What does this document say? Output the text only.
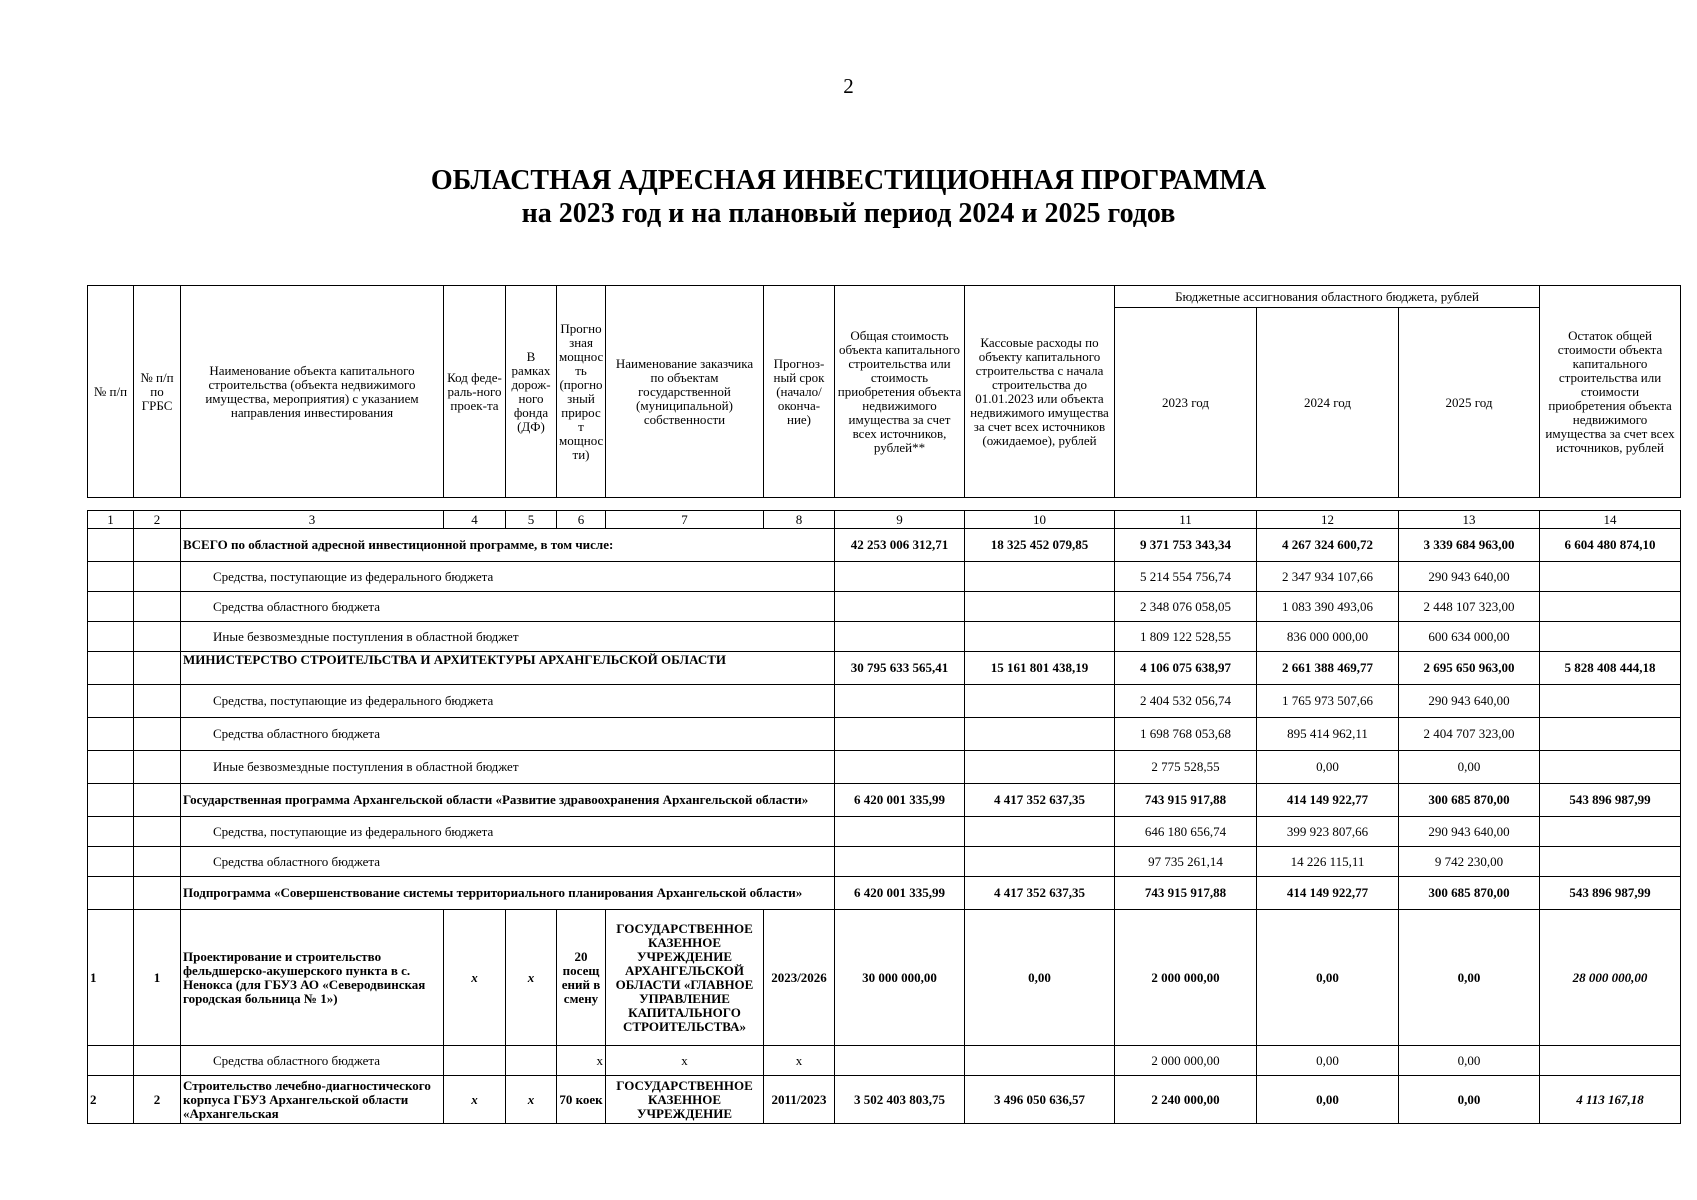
2
ОБЛАСТНАЯ АДРЕСНАЯ ИНВЕСТИЦИОННАЯ ПРОГРАММА
на 2023 год и на плановый период 2024 и 2025 годов
№ п/п	№ п/п по ГРБС	Наименование объекта капитального строительства (объекта недвижимого имущества, мероприятия) с указанием направления инвестирования	Код феде-раль-ного проек-та	В рамках дорож-ного фонда (ДФ)	Прогно зная мощнос ть (прогно зный прирос т мощнос ти)	Наименование заказчика по объектам государственной (муниципальной) собственности	Прогноз-ный срок (начало/ оконча-ние)	Общая стоимость объекта капитального строительства или стоимость приобретения объекта недвижимого имущества за счет всех источников, рублей**	Кассовые расходы по объекту капитального строительства с начала строительства до 01.01.2023 или объекта недвижимого имущества за счет всех источников (ожидаемое), рублей	Бюджетные ассигнования областного бюджета, рублей			Остаток общей стоимости объекта капитального строительства или стоимости приобретения объекта недвижимого имущества за счет всех источников, рублей
										2023 год	2024 год	2025 год	
1	2	3	4	5	6	7	8	9	10	11	12	13	14
		ВСЕГО по областной адресной инвестиционной программе, в том числе:						42 253 006 312,71	18 325 452 079,85	9 371 753 343,34	4 267 324 600,72	3 339 684 963,00	6 604 480 874,10
		Средства, поступающие из федерального бюджета								5 214 554 756,74	2 347 934 107,66	290 943 640,00	
		Средства областного бюджета								2 348 076 058,05	1 083 390 493,06	2 448 107 323,00	
		Иные безвозмездные поступления в областной бюджет								1 809 122 528,55	836 000 000,00	600 634 000,00	
		МИНИСТЕРСТВО СТРОИТЕЛЬСТВА И АРХИТЕКТУРЫ АРХАНГЕЛЬСКОЙ ОБЛАСТИ						30 795 633 565,41	15 161 801 438,19	4 106 075 638,97	2 661 388 469,77	2 695 650 963,00	5 828 408 444,18
		Средства, поступающие из федерального бюджета								2 404 532 056,74	1 765 973 507,66	290 943 640,00	
		Средства областного бюджета								1 698 768 053,68	895 414 962,11	2 404 707 323,00	
		Иные безвозмездные поступления в областной бюджет								2 775 528,55	0,00	0,00	
		Государственная программа Архангельской области «Развитие здравоохранения Архангельской области»						6 420 001 335,99	4 417 352 637,35	743 915 917,88	414 149 922,77	300 685 870,00	543 896 987,99
		Средства, поступающие из федерального бюджета								646 180 656,74	399 923 807,66	290 943 640,00	
		Средства областного бюджета								97 735 261,14	14 226 115,11	9 742 230,00	
		Подпрограмма «Совершенствование системы территориального планирования Архангельской области»						6 420 001 335,99	4 417 352 637,35	743 915 917,88	414 149 922,77	300 685 870,00	543 896 987,99
1	1	Проектирование и строительство фельдшерско-акушерского пункта в с. Ненокса (для ГБУЗ АО «Северодвинская городская больница № 1»)	х	х	20 посещ ений в смену	ГОСУДАРСТВЕННОЕ КАЗЕННОЕ УЧРЕЖДЕНИЕ АРХАНГЕЛЬСКОЙ ОБЛАСТИ «ГЛАВНОЕ УПРАВЛЕНИЕ КАПИТАЛЬНОГО СТРОИТЕЛЬСТВА»	2023/2026	30 000 000,00	0,00	2 000 000,00	0,00	0,00	28 000 000,00
		Средства областного бюджета			х	х	х			2 000 000,00	0,00	0,00	
2	2	Строительство лечебно-диагностического корпуса ГБУЗ Архангельской области «Архангельская	х	х	70 коек	ГОСУДАРСТВЕННОЕ КАЗЕННОЕ УЧРЕЖДЕНИЕ	2011/2023	3 502 403 803,75	3 496 050 636,57	2 240 000,00	0,00	0,00	4 113 167,18
